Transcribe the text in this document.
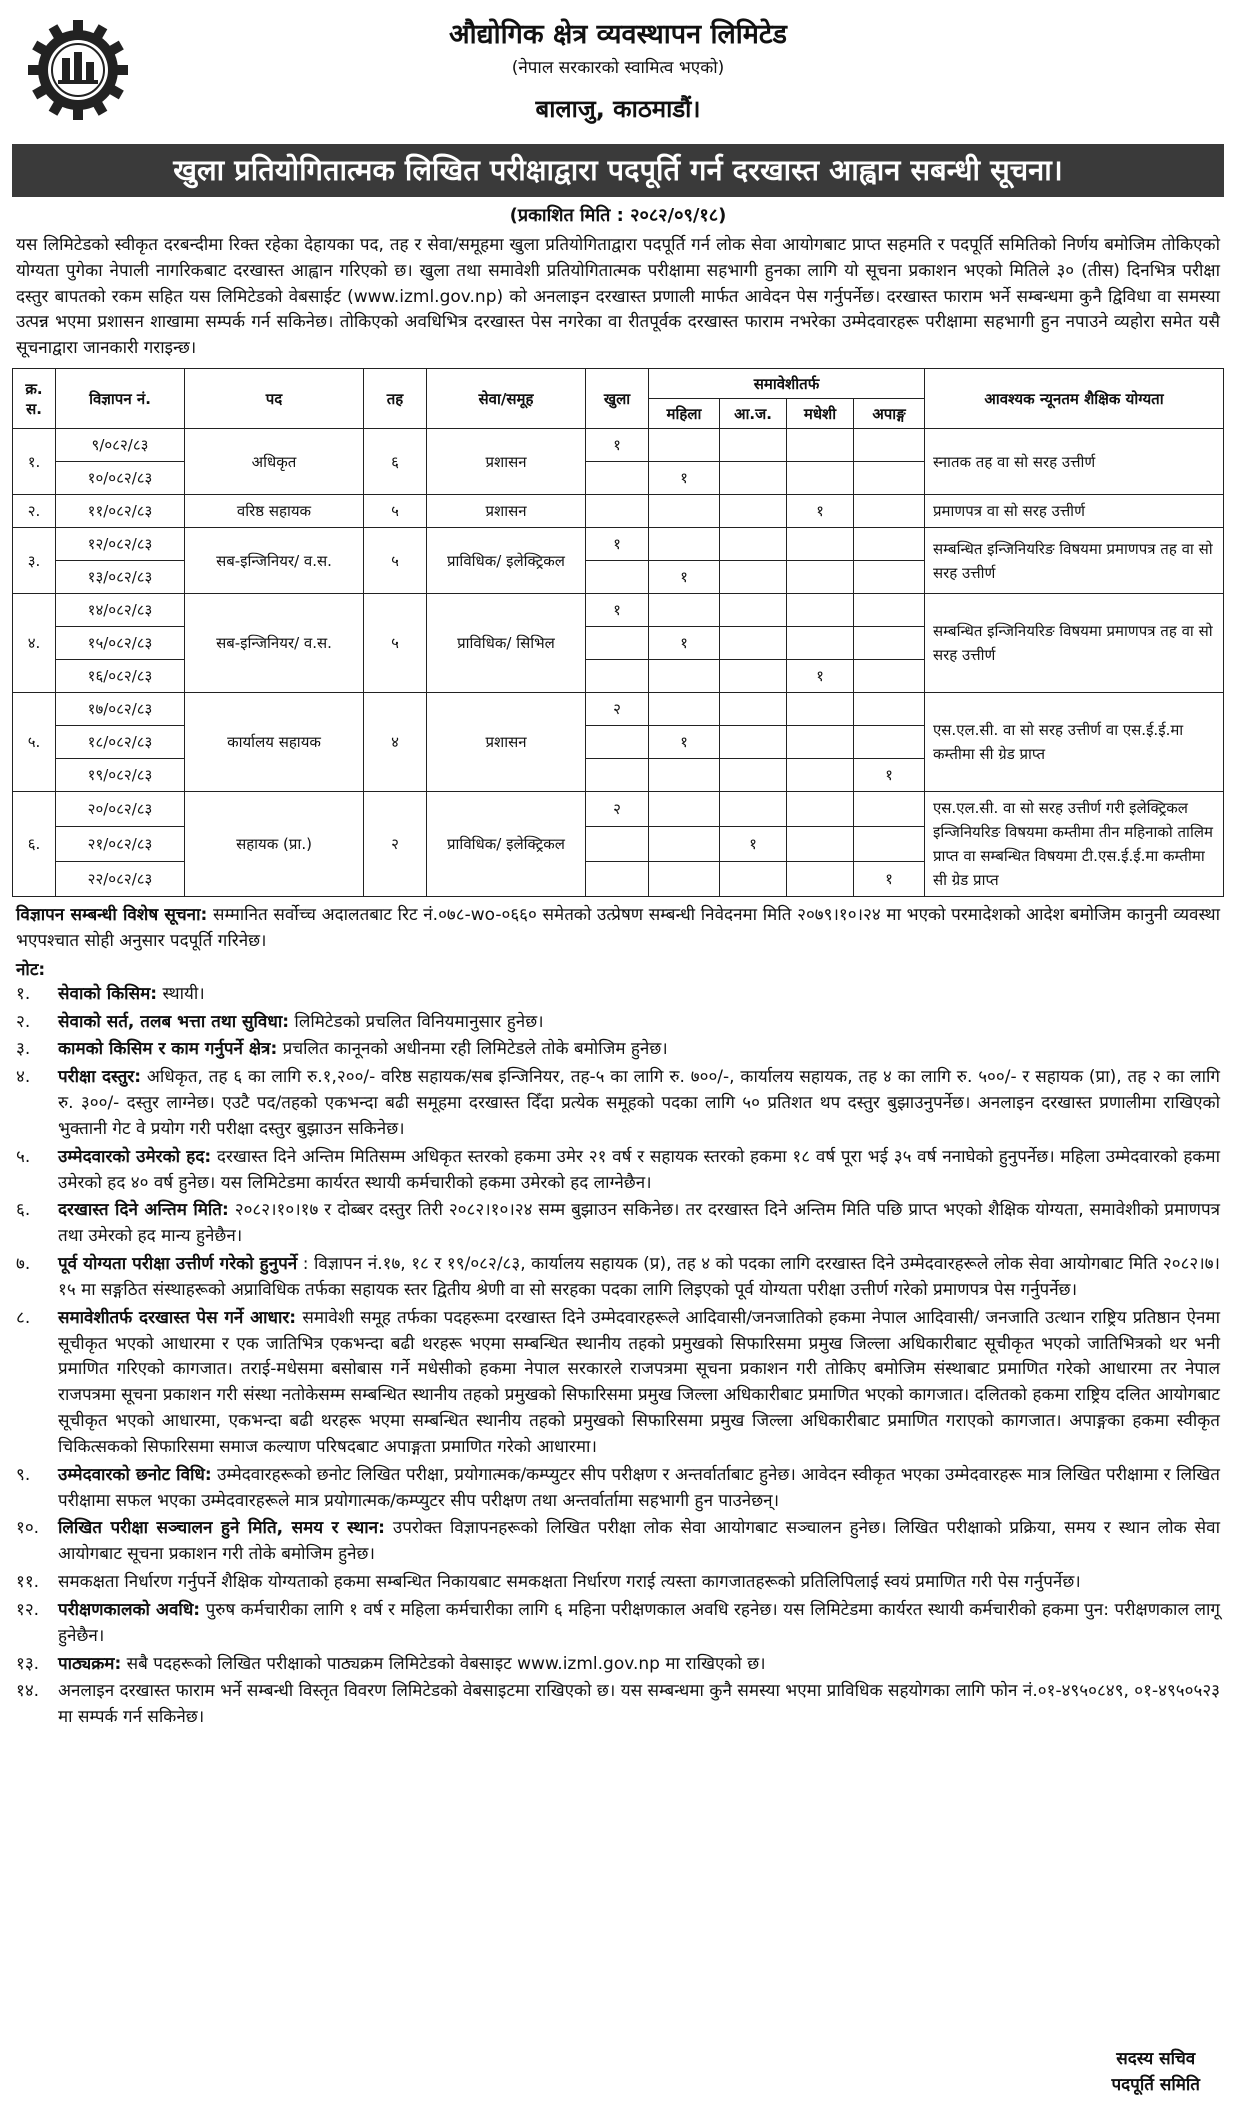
औद्योगिक क्षेत्र व्यवस्थापन लिमिटेड
(नेपाल सरकारको स्वामित्व भएको)
बालाजु, काठमाडौं।
खुला प्रतियोगितात्मक लिखित परीक्षाद्वारा पदपूर्ति गर्न दरखास्त आह्वान सबन्धी सूचना।
(प्रकाशित मिति : २०८२/०९/१८)
यस लिमिटेडको स्वीकृत दरबन्दीमा रिक्त रहेका देहायका पद, तह र सेवा/समूहमा खुला प्रतियोगिताद्वारा पदपूर्ति गर्न लोक सेवा आयोगबाट प्राप्त सहमति र पदपूर्ति समितिको निर्णय बमोजिम तोकिएको योग्यता पुगेका नेपाली नागरिकबाट दरखास्त आह्वान गरिएको छ। खुला तथा समावेशी प्रतियोगितात्मक परीक्षामा सहभागी हुनका लागि यो सूचना प्रकाशन भएको मितिले ३० (तीस) दिनभित्र परीक्षा दस्तुर बापतको रकम सहित यस लिमिटेडको वेबसाईट (www.izml.gov.np) को अनलाइन दरखास्त प्रणाली मार्फत आवेदन पेस गर्नुपर्नेछ। दरखास्त फाराम भर्ने सम्बन्धमा कुनै द्विविधा वा समस्या उत्पन्न भएमा प्रशासन शाखामा सम्पर्क गर्न सकिनेछ। तोकिएको अवधिभित्र दरखास्त पेस नगरेका वा रीतपूर्वक दरखास्त फाराम नभरेका उम्मेदवारहरू परीक्षामा सहभागी हुन नपाउने व्यहोरा समेत यसै सूचनाद्वारा जानकारी गराइन्छ।
क्र. स.	विज्ञापन नं.	पद	तह	सेवा/समूह	खुला	समावेशीतर्फ				आवश्यक न्यूनतम शैक्षिक योग्यता
						महिला	आ.ज.	मधेशी	अपाङ्ग	
१.	९/०८२/८३	अधिकृत	६	प्रशासन	१					स्नातक तह वा सो सरह उत्तीर्ण
	१०/०८२/८३					१				
२.	११/०८२/८३	वरिष्ठ सहायक	५	प्रशासन				१		प्रमाणपत्र वा सो सरह उत्तीर्ण
३.	१२/०८२/८३	सब-इन्जिनियर/ व.स.	५	प्राविधिक/ इलेक्ट्रिकल	१					सम्बन्धित इन्जिनियरिङ विषयमा प्रमाणपत्र तह वा सो सरह उत्तीर्ण
	१३/०८२/८३					१				
४.	१४/०८२/८३	सब-इन्जिनियर/ व.स.	५	प्राविधिक/ सिभिल	१					सम्बन्धित इन्जिनियरिङ विषयमा प्रमाणपत्र तह वा सो सरह उत्तीर्ण
	१५/०८२/८३					१				
	१६/०८२/८३							१		
५.	१७/०८२/८३	कार्यालय सहायक	४	प्रशासन	२					एस.एल.सी. वा सो सरह उत्तीर्ण वा एस.ई.ई.मा कम्तीमा सी ग्रेड प्राप्त
	१८/०८२/८३					१				
	१९/०८२/८३								१	
६.	२०/०८२/८३	सहायक (प्रा.)	२	प्राविधिक/ इलेक्ट्रिकल	२					एस.एल.सी. वा सो सरह उत्तीर्ण गरी इलेक्ट्रिकल इन्जिनियरिङ विषयमा कम्तीमा तीन महिनाको तालिम प्राप्त वा सम्बन्धित विषयमा टी.एस.ई.ई.मा कम्तीमा सी ग्रेड प्राप्त
	२१/०८२/८३						१			
	२२/०८२/८३								१	
विज्ञापन सम्बन्धी विशेष सूचना: सम्मानित सर्वोच्च अदालतबाट रिट नं.०७८-wo-०६६० समेतको उत्प्रेषण सम्बन्धी निवेदनमा मिति २०७९।१०।२४ मा भएको परमादेशको आदेश बमोजिम कानुनी व्यवस्था भएपश्चात सोही अनुसार पदपूर्ति गरिनेछ।
नोट:
१.	सेवाको किसिम: स्थायी।
२.	सेवाको सर्त, तलब भत्ता तथा सुविधा: लिमिटेडको प्रचलित विनियमानुसार हुनेछ।
३.	कामको किसिम र काम गर्नुपर्ने क्षेत्र: प्रचलित कानूनको अधीनमा रही लिमिटेडले तोके बमोजिम हुनेछ।
४.	परीक्षा दस्तुर: अधिकृत, तह ६ का लागि रु.१,२००/- वरिष्ठ सहायक/सब इन्जिनियर, तह-५ का लागि रु. ७००/-, कार्यालय सहायक, तह ४ का लागि रु. ५००/- र सहायक (प्रा), तह २ का लागि रु. ३००/- दस्तुर लाग्नेछ। एउटै पद/तहको एकभन्दा बढी समूहमा दरखास्त दिँदा प्रत्येक समूहको पदका लागि ५० प्रतिशत थप दस्तुर बुझाउनुपर्नेछ। अनलाइन दरखास्त प्रणालीमा राखिएको भुक्तानी गेट वे प्रयोग गरी परीक्षा दस्तुर बुझाउन सकिनेछ।
५.	उम्मेदवारको उमेरको हद: दरखास्त दिने अन्तिम मितिसम्म अधिकृत स्तरको हकमा उमेर २१ वर्ष र सहायक स्तरको हकमा १८ वर्ष पूरा भई ३५ वर्ष ननाघेको हुनुपर्नेछ। महिला उम्मेदवारको हकमा उमेरको हद ४० वर्ष हुनेछ। यस लिमिटेडमा कार्यरत स्थायी कर्मचारीको हकमा उमेरको हद लाग्नेछैन।
६.	दरखास्त दिने अन्तिम मिति: २०८२।१०।१७ र दोब्बर दस्तुर तिरी २०८२।१०।२४ सम्म बुझाउन सकिनेछ। तर दरखास्त दिने अन्तिम मिति पछि प्राप्त भएको शैक्षिक योग्यता, समावेशीको प्रमाणपत्र तथा उमेरको हद मान्य हुनेछैन।
७.	पूर्व योग्यता परीक्षा उत्तीर्ण गरेको हुनुपर्ने : विज्ञापन नं.१७, १८ र १९/०८२/८३, कार्यालय सहायक (प्र), तह ४ को पदका लागि दरखास्त दिने उम्मेदवारहरूले लोक सेवा आयोगबाट मिति २०८२।७।१५ मा सङ्गठित संस्थाहरूको अप्राविधिक तर्फका सहायक स्तर द्वितीय श्रेणी वा सो सरहका पदका लागि लिइएको पूर्व योग्यता परीक्षा उत्तीर्ण गरेको प्रमाणपत्र पेस गर्नुपर्नेछ।
८.	समावेशीतर्फ दरखास्त पेस गर्ने आधार: समावेशी समूह तर्फका पदहरूमा दरखास्त दिने उम्मेदवारहरूले आदिवासी/जनजातिको हकमा नेपाल आदिवासी/ जनजाति उत्थान राष्ट्रिय प्रतिष्ठान ऐनमा सूचीकृत भएको आधारमा र एक जातिभित्र एकभन्दा बढी थरहरू भएमा सम्बन्धित स्थानीय तहको प्रमुखको सिफारिसमा प्रमुख जिल्ला अधिकारीबाट सूचीकृत भएको जातिभित्रको थर भनी प्रमाणित गरिएको कागजात। तराई-मधेसमा बसोबास गर्ने मधेसीको हकमा नेपाल सरकारले राजपत्रमा सूचना प्रकाशन गरी तोकिए बमोजिम संस्थाबाट प्रमाणित गरेको आधारमा तर नेपाल राजपत्रमा सूचना प्रकाशन गरी संस्था नतोकेसम्म सम्बन्धित स्थानीय तहको प्रमुखको सिफारिसमा प्रमुख जिल्ला अधिकारीबाट प्रमाणित भएको कागजात। दलितको हकमा राष्ट्रिय दलित आयोगबाट सूचीकृत भएको आधारमा, एकभन्दा बढी थरहरू भएमा सम्बन्धित स्थानीय तहको प्रमुखको सिफारिसमा प्रमुख जिल्ला अधिकारीबाट प्रमाणित गराएको कागजात। अपाङ्गका हकमा स्वीकृत चिकित्सकको सिफारिसमा समाज कल्याण परिषदबाट अपाङ्गता प्रमाणित गरेको आधारमा।
९.	उम्मेदवारको छनोट विधि: उम्मेदवारहरूको छनोट लिखित परीक्षा, प्रयोगात्मक/कम्प्युटर सीप परीक्षण र अन्तर्वार्ताबाट हुनेछ। आवेदन स्वीकृत भएका उम्मेदवारहरू मात्र लिखित परीक्षामा र लिखित परीक्षामा सफल भएका उम्मेदवारहरूले मात्र प्रयोगात्मक/कम्प्युटर सीप परीक्षण तथा अन्तर्वार्तामा सहभागी हुन पाउनेछन्।
१०.	लिखित परीक्षा सञ्चालन हुने मिति, समय र स्थान: उपरोक्त विज्ञापनहरूको लिखित परीक्षा लोक सेवा आयोगबाट सञ्चालन हुनेछ। लिखित परीक्षाको प्रक्रिया, समय र स्थान लोक सेवा आयोगबाट सूचना प्रकाशन गरी तोके बमोजिम हुनेछ।
११.	समकक्षता निर्धारण गर्नुपर्ने शैक्षिक योग्यताको हकमा सम्बन्धित निकायबाट समकक्षता निर्धारण गराई त्यस्ता कागजातहरूको प्रतिलिपिलाई स्वयं प्रमाणित गरी पेस गर्नुपर्नेछ।
१२.	परीक्षणकालको अवधि: पुरुष कर्मचारीका लागि १ वर्ष र महिला कर्मचारीका लागि ६ महिना परीक्षणकाल अवधि रहनेछ। यस लिमिटेडमा कार्यरत स्थायी कर्मचारीको हकमा पुन: परीक्षणकाल लागू हुनेछैन।
१३.	पाठ्यक्रम: सबै पदहरूको लिखित परीक्षाको पाठ्यक्रम लिमिटेडको वेबसाइट www.izml.gov.np मा राखिएको छ।
१४.	अनलाइन दरखास्त फाराम भर्ने सम्बन्धी विस्तृत विवरण लिमिटेडको वेबसाइटमा राखिएको छ। यस सम्बन्धमा कुनै समस्या भएमा प्राविधिक सहयोगका लागि फोन नं.०१-४९५०८४९, ०१-४९५०५२३ मा सम्पर्क गर्न सकिनेछ।
सदस्य सचिव
पदपूर्ति समिति
